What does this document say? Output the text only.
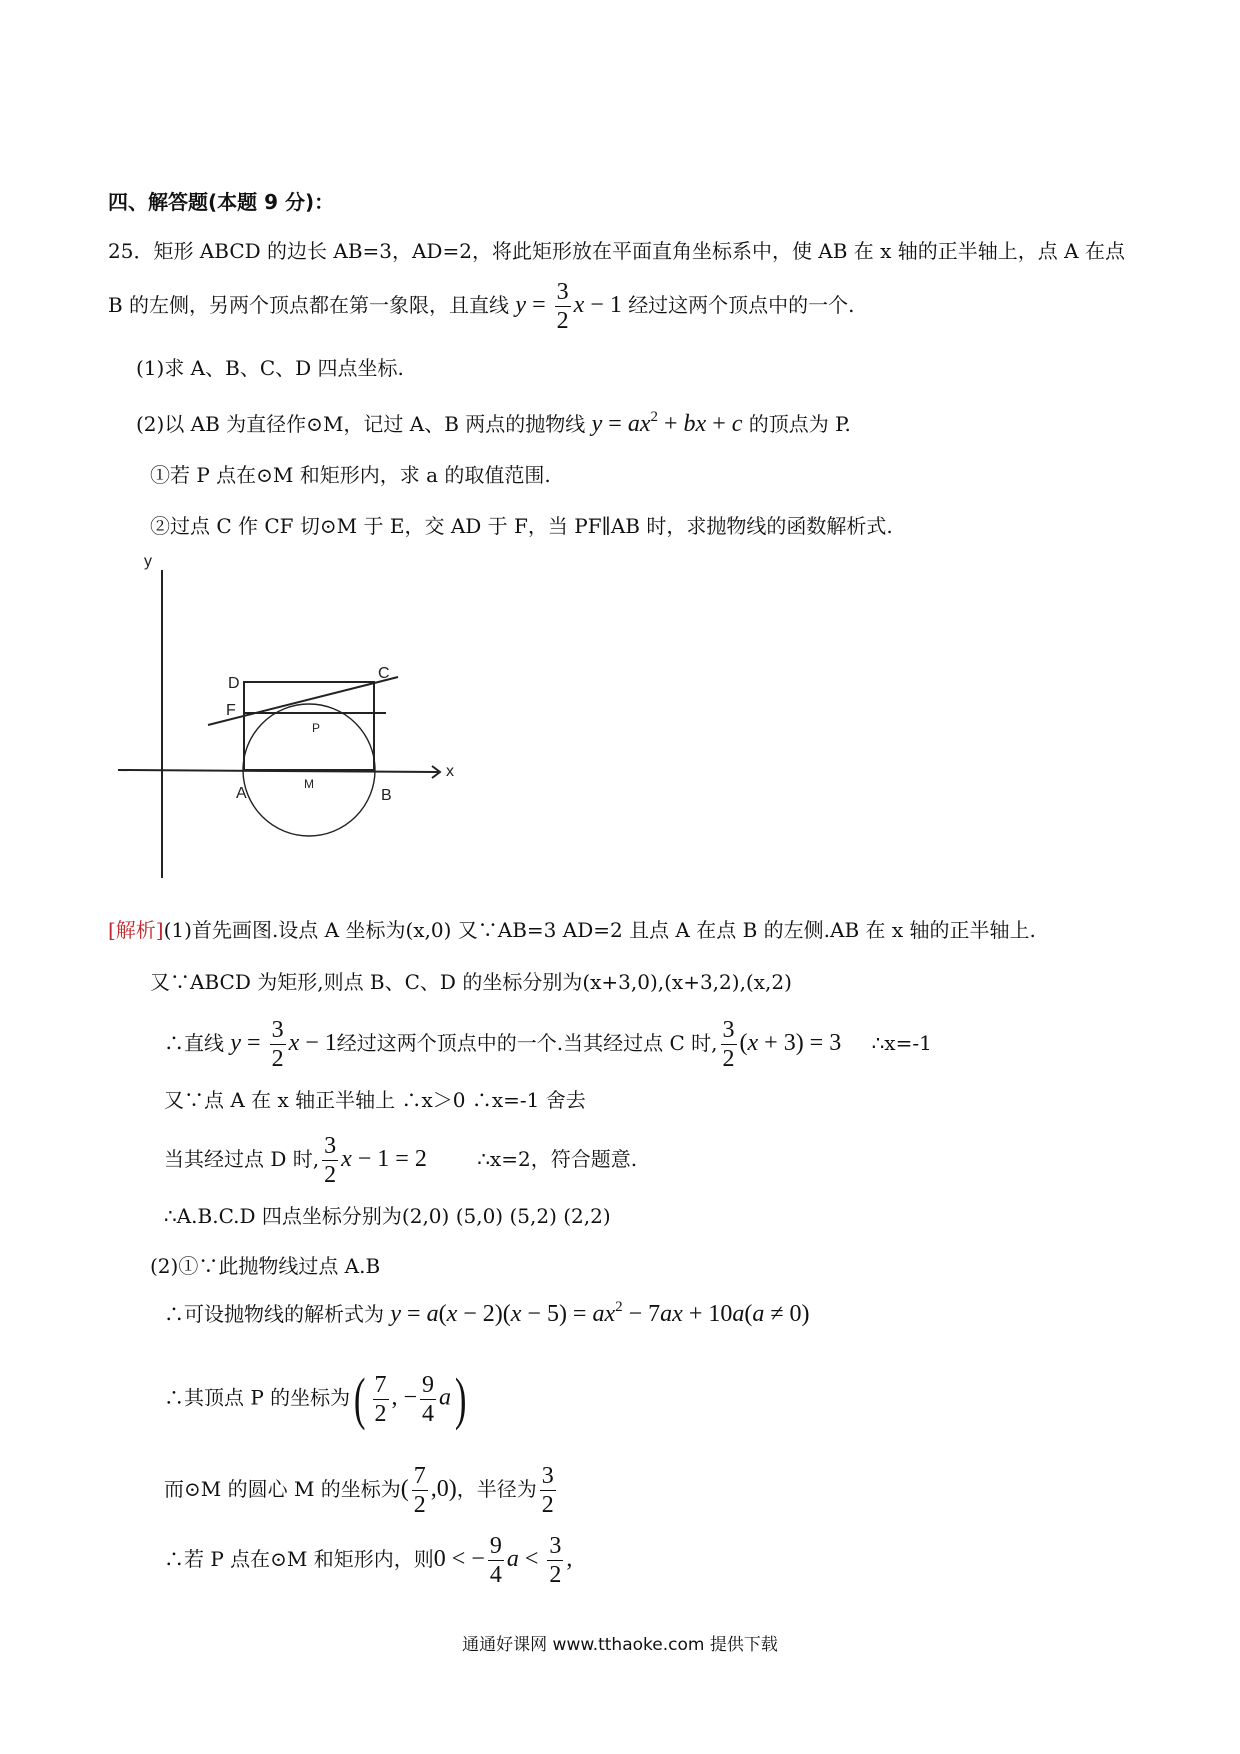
四、解答题(本题 9 分)：
25．矩形 ABCD 的边长 AB=3，AD=2，将此矩形放在平面直角坐标系中，使 AB 在 x 轴的正半轴上，点 A 在点
B 的左侧，另两个顶点都在第一象限，且直线 $y = \frac{3}{2}$ x − 1 经过这两个顶点中的一个.
(1)求 A、B、C、D 四点坐标.
(2)以 AB 为直径作⊙M，记过 A、B 两点的抛物线 $y = ax^2$ + bx + c 的顶点为 P.
①若 P 点在⊙M 和矩形内，求 a 的取值范围.
②过点 C 作 CF 切⊙M 于 E，交 AD 于 F，当 PF∥AB 时，求抛物线的函数解析式.
y
x
A	B
C
D
F
P
M
[解析](1)首先画图.设点 A 坐标为(x,0) 又∵AB=3 AD=2 且点 A 在点 B 的左侧.AB 在 x 轴的正半轴上.
又∵ABCD 为矩形,则点 B、C、D 的坐标分别为(x+3,0),(x+3,2),(x,2)
∴直线 $y = \frac{3}{2}$ x − 1经过这两个顶点中的一个.当其经过点 C 时, $\frac{3}{2} (x + 3) = 3$ ∴x=-1
又∵点 A 在 x 轴正半轴上 ∴x＞0 ∴x=-1 舍去
当其经过点 D 时, $\frac{3}{2}$ x − 1 = 2	∴x=2，符合题意.
∴A.B.C.D 四点坐标分别为(2,0) (5,0) (5,2) (2,2)
(2)①∵此抛物线过点 A.B
∴可设抛物线的解析式为 $y = a(x - 2)(x - 5) = ax^2 - 7ax + 10a(a \ne 0)$
∴其顶点 P 的坐标为( $\frac{7}{2}$ , − $\frac{9}{4} a$)
而⊙M 的圆心 M 的坐标为( $\frac{7}{2} ,0$)，半径为 $\frac{3}{2}$
∴若 P 点在⊙M 和矩形内，则0 < − $\frac{9}{4}$ $a < \frac{3}{2}$ ,
通通好课网 www.tthaoke.com 提供下载
